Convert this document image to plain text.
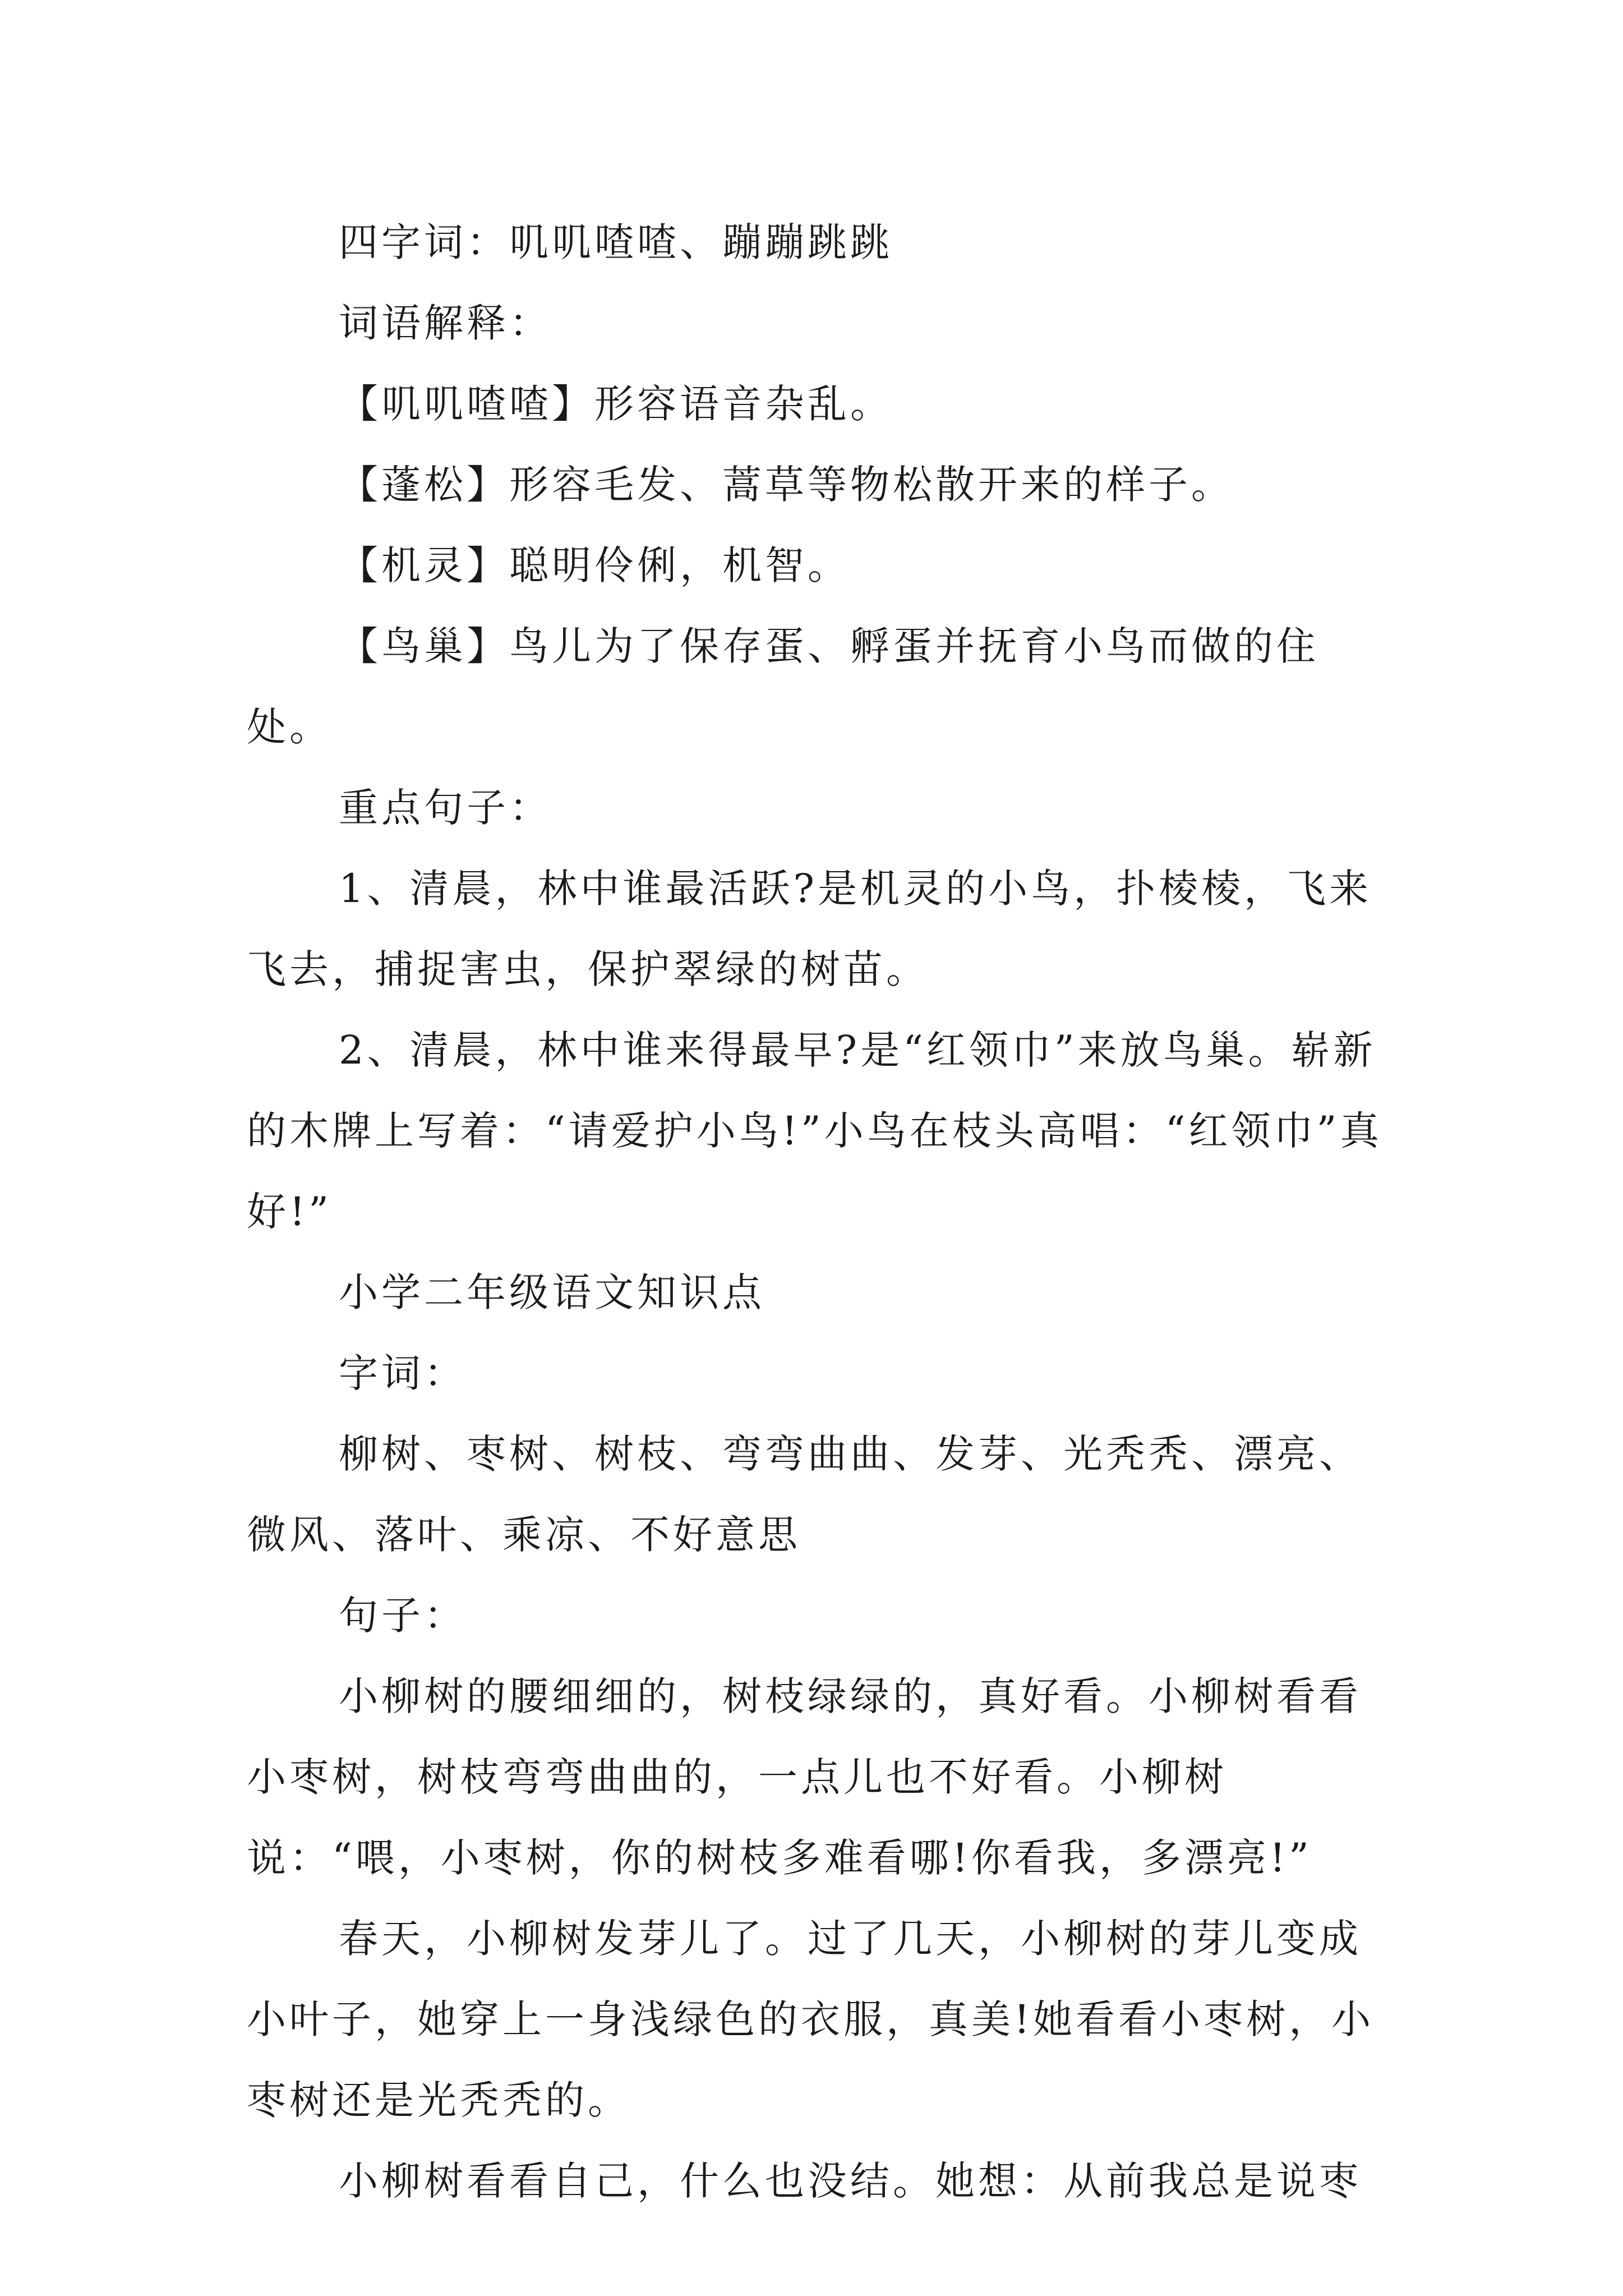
四字词：叽叽喳喳、蹦蹦跳跳

词语解释：

【叽叽喳喳】形容语音杂乱。

【蓬松】形容毛发、蒿草等物松散开来的样子。

【机灵】聪明伶俐，机智。

【鸟巢】鸟儿为了保存蛋、孵蛋并抚育小鸟而做的住处。

重点句子：

1、清晨，林中谁最活跃?是机灵的小鸟，扑棱棱，飞来飞去，捕捉害虫，保护翠绿的树苗。

2、清晨，林中谁来得最早?是“红领巾”来放鸟巢。崭新的木牌上写着：“请爱护小鸟!”小鸟在枝头高唱：“红领巾”真好!”

小学二年级语文知识点

字词：

柳树、枣树、树枝、弯弯曲曲、发芽、光秃秃、漂亮、微风、落叶、乘凉、不好意思

句子：

小柳树的腰细细的，树枝绿绿的，真好看。小柳树看看小枣树，树枝弯弯曲曲的，一点儿也不好看。小柳树说：“喂，小枣树，你的树枝多难看哪!你看我，多漂亮!”

春天，小柳树发芽儿了。过了几天，小柳树的芽儿变成小叶子，她穿上一身浅绿色的衣服，真美!她看看小枣树，小枣树还是光秃秃的。

小柳树看看自己，什么也没结。她想：从前我总是说枣
